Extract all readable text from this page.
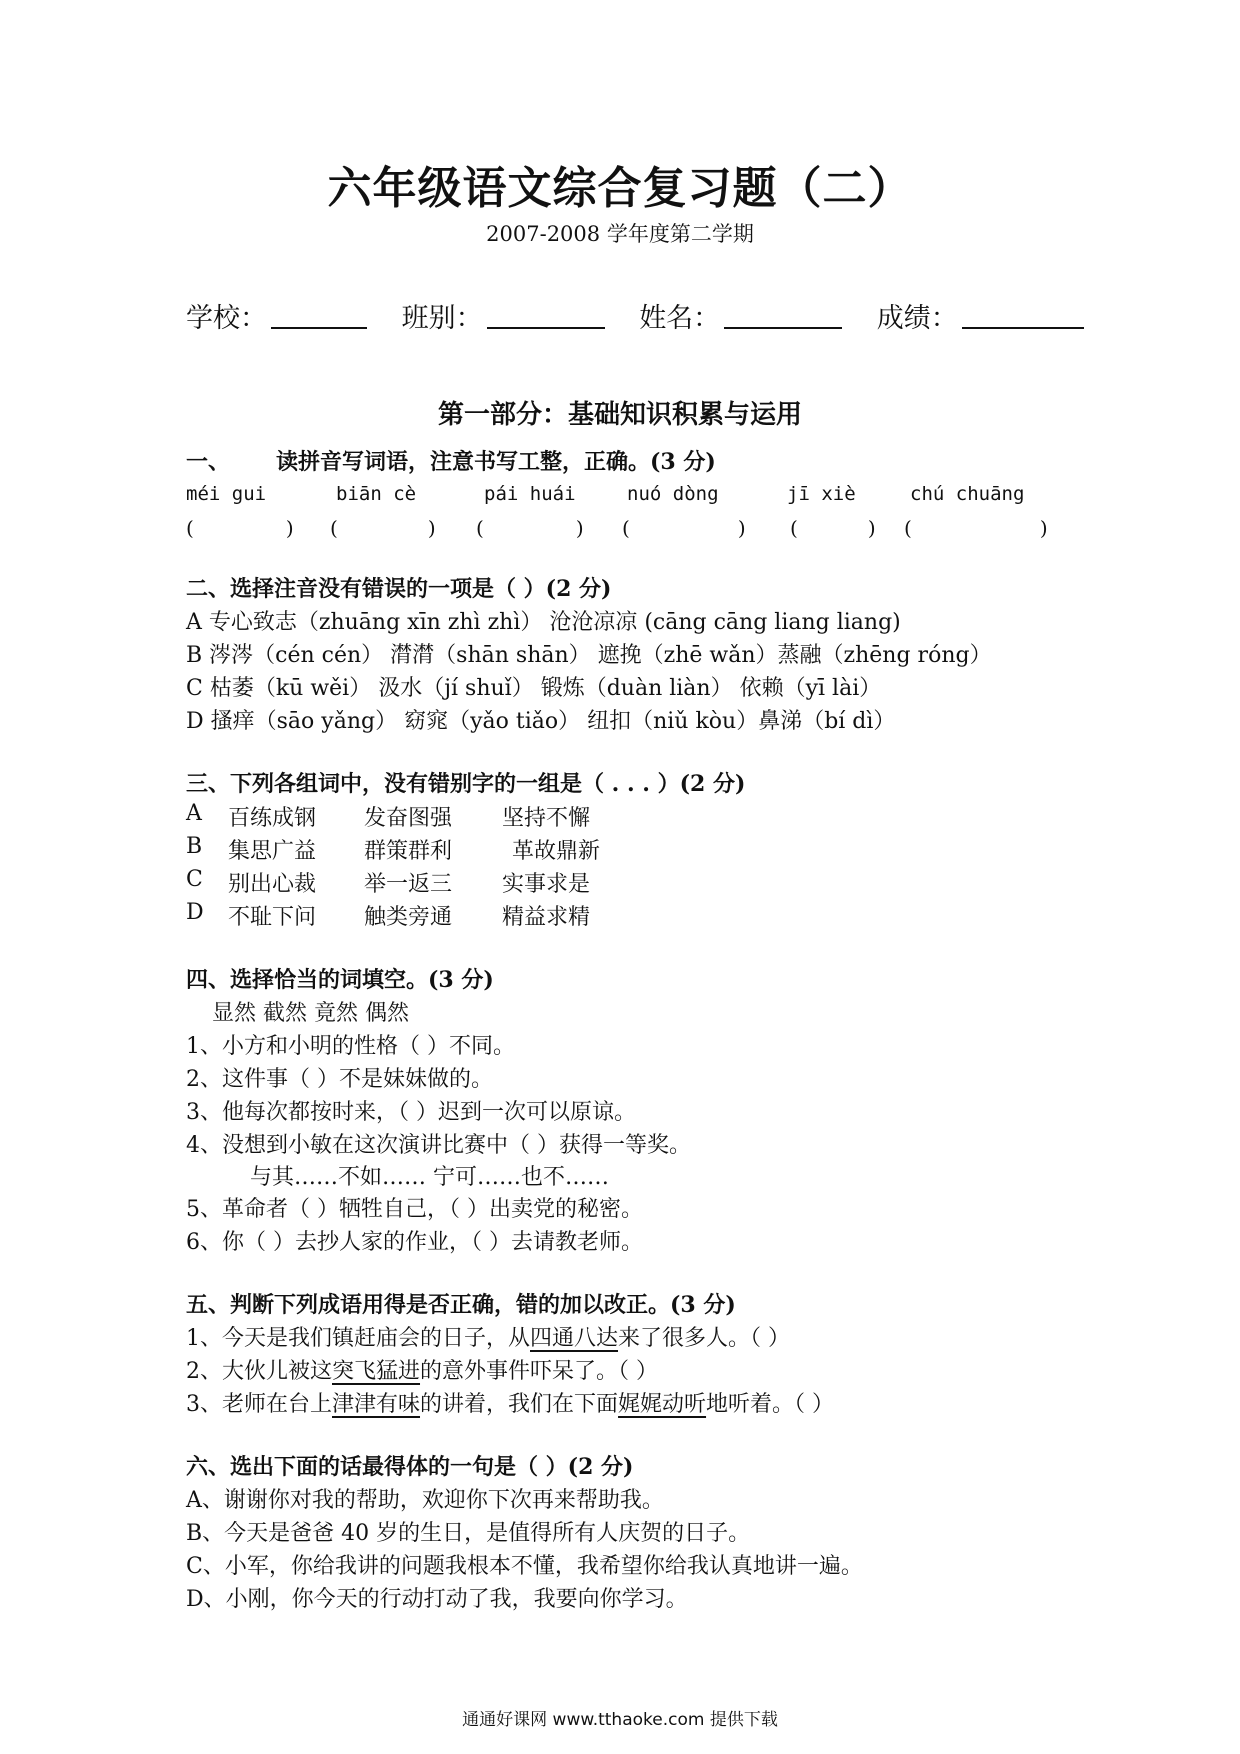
六年级语文综合复习题（二）
2007-2008 学年度第二学期
学校：	班别：	姓名：	成绩：
第一部分：基础知识积累与运用
一、 读拼音写词语，注意书写工整，正确。(3 分)
méi gui	biān cè	pái huái	nuó dòng	jī xiè	chú chuāng
(	) (	) (	) (	) (	) (	)
二、选择注音没有错误的一项是（ ）(2 分)
A 专心致志（zhuāng xīn zhì zhì） 沧沧凉凉 (cāng cāng liang liang)
B 涔涔（cén cén） 潸潸（shān shān） 遮挽（zhē wǎn）蒸融（zhēng róng）
C 枯萎（kū wěi） 汲水（jí shuǐ） 锻炼（duàn liàn） 依赖（yī lài）
D 搔痒（sāo yǎng） 窈窕（yǎo tiǎo） 纽扣（niǔ kòu）鼻涕（bí dì）
三、下列各组词中，没有错别字的一组是（ . . . ）(2 分)
A 百练成钢 发奋图强 坚持不懈
B 集思广益 群策群利	革故鼎新
C 别出心裁 举一返三 实事求是
D 不耻下问 触类旁通 精益求精
四、选择恰当的词填空。(3 分)
显然 截然 竟然 偶然
1、小方和小明的性格（ ）不同。
2、这件事（ ）不是妹妹做的。
3、他每次都按时来，（ ）迟到一次可以原谅。
4、没想到小敏在这次演讲比赛中（ ）获得一等奖。
与其……不如…… 宁可……也不……
5、革命者（ ）牺牲自己，（ ）出卖党的秘密。
6、你（ ）去抄人家的作业，（ ）去请教老师。
五、判断下列成语用得是否正确，错的加以改正。(3 分)
1、今天是我们镇赶庙会的日子，从四通八达来了很多人。（ ）
2、大伙儿被这突飞猛进的意外事件吓呆了。（ ）
3、老师在台上津津有味的讲着，我们在下面娓娓动听地听着。（ ）
六、选出下面的话最得体的一句是（ ）(2 分)
A、谢谢你对我的帮助，欢迎你下次再来帮助我。
B、今天是爸爸 40 岁的生日，是值得所有人庆贺的日子。
C、小军，你给我讲的问题我根本不懂，我希望你给我认真地讲一遍。
D、小刚，你今天的行动打动了我，我要向你学习。
通通好课网 www.tthaoke.com 提供下载
